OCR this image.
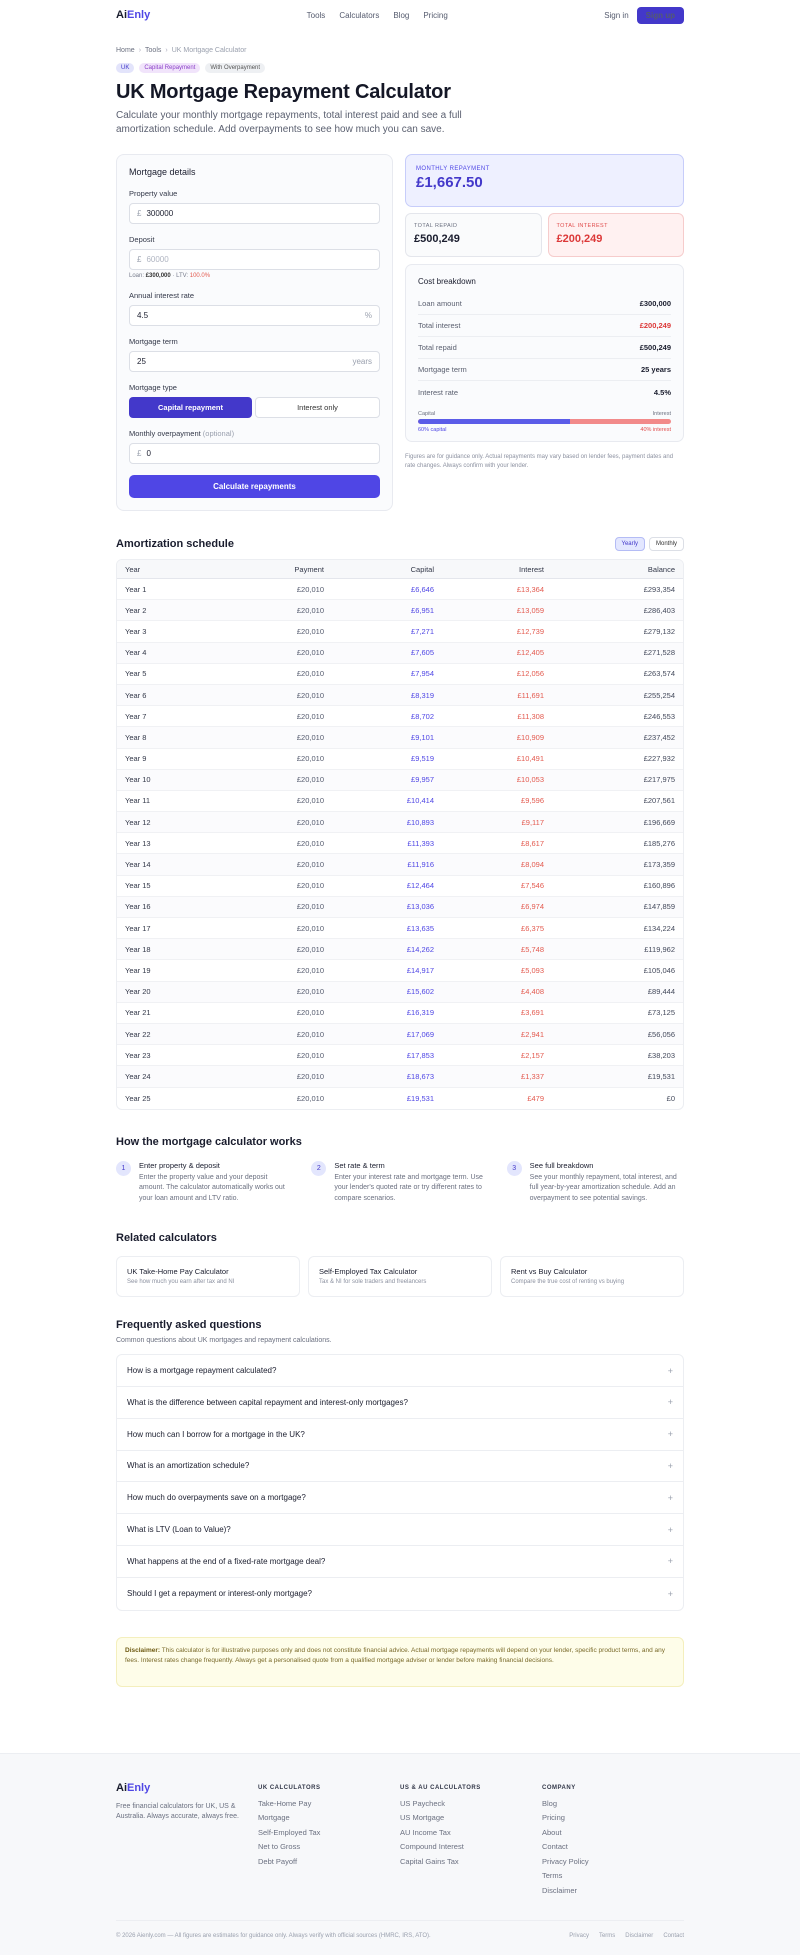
AiEnly	Tools Calculators Blog Pricing	Sign in	Sign up
Home › Tools › UK Mortgage Calculator
UK	Capital Repayment	With Overpayment
UK Mortgage Repayment Calculator

Calculate your monthly mortgage repayments, total interest paid and see a full amortization schedule. Add overpayments to see how much you can save.

Mortgage details
Property value
£
300000
Deposit
£
60000
Loan: £300,000 · LTV: 100.0%
Annual interest rate
4.5
%
Mortgage term
25
years
Mortgage type
Capital repayment	Interest only
Monthly overpayment (optional)
£
0
Calculate repayments
MONTHLY REPAYMENT
£1,667.50
TOTAL REPAID
£500,249
TOTAL INTEREST
£200,249
Cost breakdown
Loan amount	£300,000
Total interest	£200,249
Total repaid	£500,249
Mortgage term	25 years
Interest rate	4.5%
Capital	Interest
60% capital	40% interest

Figures are for guidance only. Actual repayments may vary based on lender fees, payment dates and rate changes. Always confirm with your lender.

Amortization schedule	Yearly	Monthly
Year	Payment	Capital	Interest	Balance
Year 1	£20,010	£6,646	£13,364	£293,354
Year 2	£20,010	£6,951	£13,059	£286,403
Year 3	£20,010	£7,271	£12,739	£279,132
Year 4	£20,010	£7,605	£12,405	£271,528
Year 5	£20,010	£7,954	£12,056	£263,574
Year 6	£20,010	£8,319	£11,691	£255,254
Year 7	£20,010	£8,702	£11,308	£246,553
Year 8	£20,010	£9,101	£10,909	£237,452
Year 9	£20,010	£9,519	£10,491	£227,932
Year 10	£20,010	£9,957	£10,053	£217,975
Year 11	£20,010	£10,414	£9,596	£207,561
Year 12	£20,010	£10,893	£9,117	£196,669
Year 13	£20,010	£11,393	£8,617	£185,276
Year 14	£20,010	£11,916	£8,094	£173,359
Year 15	£20,010	£12,464	£7,546	£160,896
Year 16	£20,010	£13,036	£6,974	£147,859
Year 17	£20,010	£13,635	£6,375	£134,224
Year 18	£20,010	£14,262	£5,748	£119,962
Year 19	£20,010	£14,917	£5,093	£105,046
Year 20	£20,010	£15,602	£4,408	£89,444
Year 21	£20,010	£16,319	£3,691	£73,125
Year 22	£20,010	£17,069	£2,941	£56,056
Year 23	£20,010	£17,853	£2,157	£38,203
Year 24	£20,010	£18,673	£1,337	£19,531
Year 25	£20,010	£19,531	£479	£0
How the mortgage calculator works
1	Enter property & deposit
Enter the property value and your deposit amount. The calculator automatically works out your loan amount and LTV ratio.
2	Set rate & term
Enter your interest rate and mortgage term. Use your lender's quoted rate or try different rates to compare scenarios.
3	See full breakdown
See your monthly repayment, total interest, and full year-by-year amortization schedule. Add an overpayment to see potential savings.
Related calculators
UK Take-Home Pay Calculator
See how much you earn after tax and NI
Self-Employed Tax Calculator
Tax & NI for sole traders and freelancers
Rent vs Buy Calculator
Compare the true cost of renting vs buying
Frequently asked questions

Common questions about UK mortgages and repayment calculations.

How is a mortgage repayment calculated?	+
What is the difference between capital repayment and interest-only mortgages?	+
How much can I borrow for a mortgage in the UK?	+
What is an amortization schedule?	+
How much do overpayments save on a mortgage?	+
What is LTV (Loan to Value)?	+
What happens at the end of a fixed-rate mortgage deal?	+
Should I get a repayment or interest-only mortgage?	+
Disclaimer: This calculator is for illustrative purposes only and does not constitute financial advice. Actual mortgage repayments will depend on your lender, specific product terms, and any fees. Interest rates change frequently. Always get a personalised quote from a qualified mortgage adviser or lender before making financial decisions.
AiEnly

Free financial calculators for UK, US & Australia. Always accurate, always free.

UK CALCULATORS
Take-Home Pay
Mortgage
Self-Employed Tax
Net to Gross
Debt Payoff
US & AU CALCULATORS
US Paycheck
US Mortgage
AU Income Tax
Compound Interest
Capital Gains Tax
COMPANY
Blog
Pricing
About
Contact
Privacy Policy
Terms
Disclaimer
© 2026 Aienly.com — All figures are estimates for guidance only. Always verify with official sources (HMRC, IRS, ATO).	Privacy Terms Disclaimer Contact
